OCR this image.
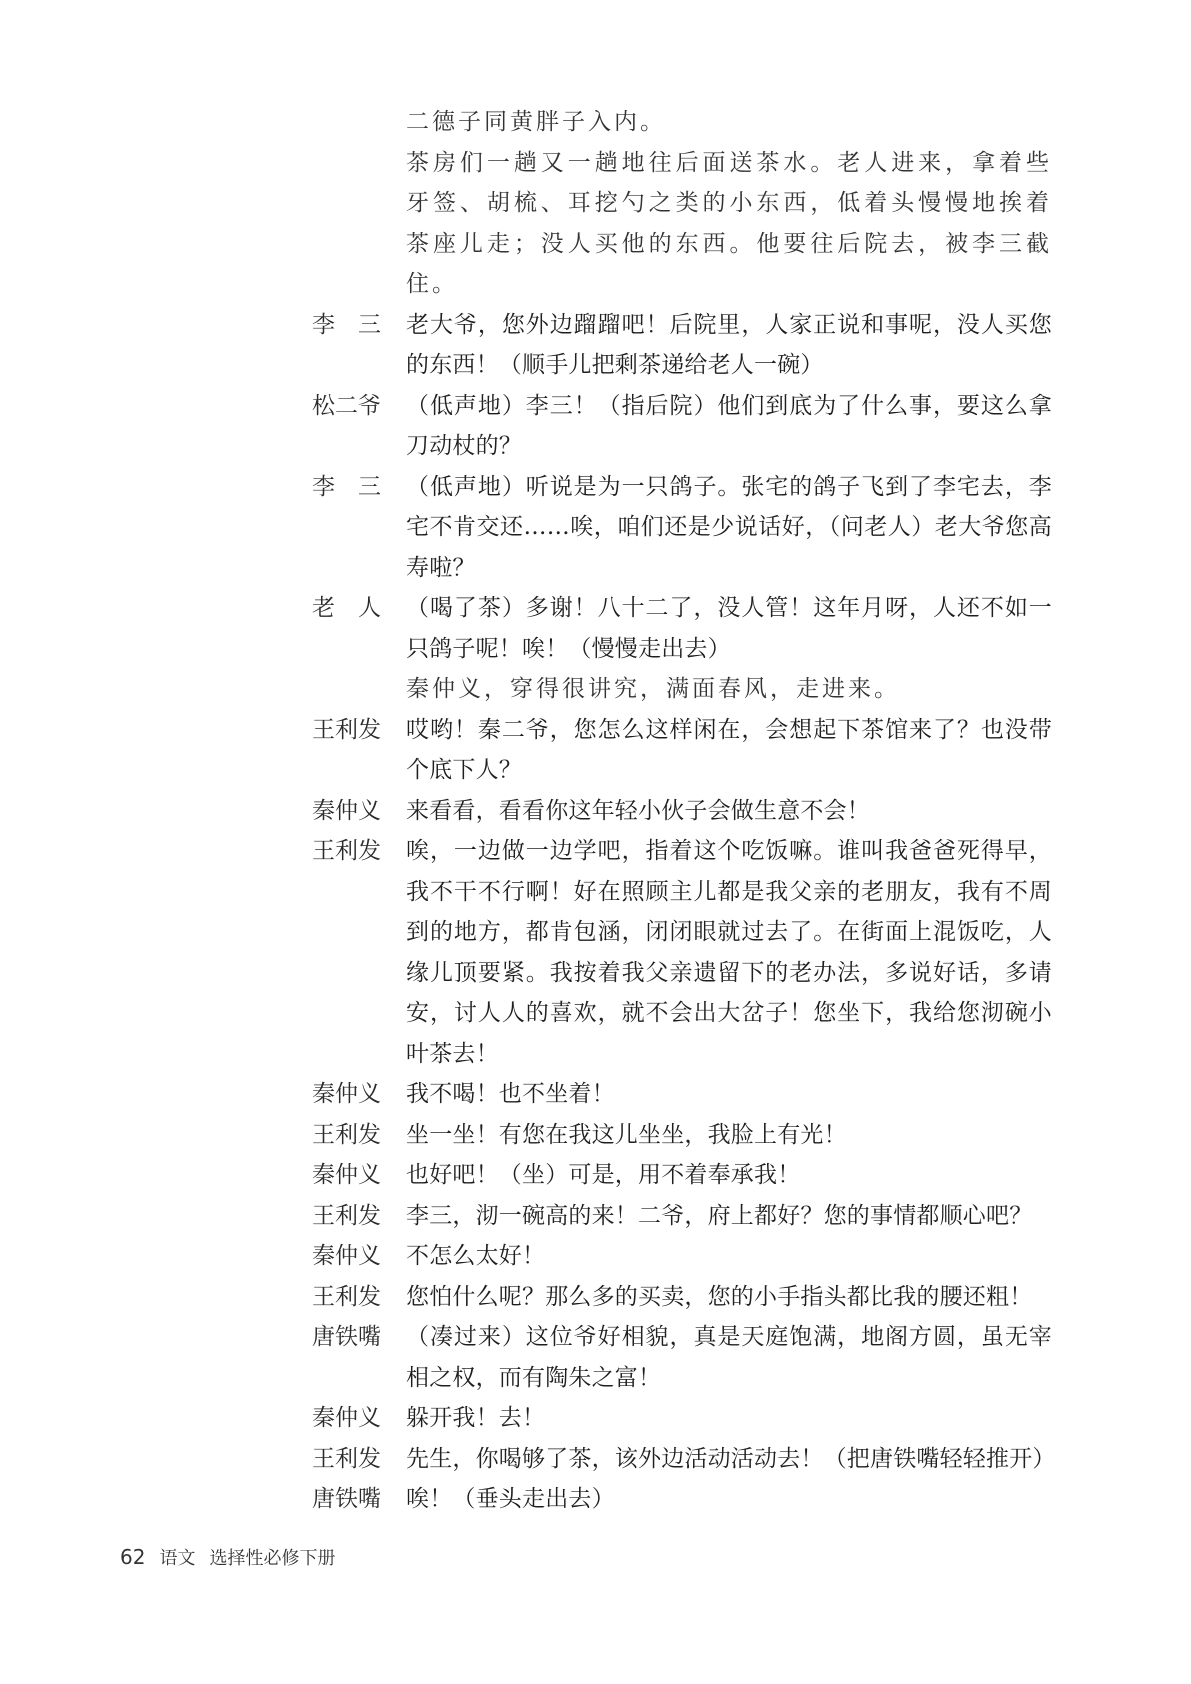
二德子同黄胖子入内。
茶房们一趟又一趟地往后面送茶水。老人进来，拿着些牙签、胡梳、耳挖勺之类的小东西，低着头慢慢地挨着茶座儿走；没人买他的东西。他要往后院去，被李三截住。
李　三	老大爷，您外边蹓蹓吧！后院里，人家正说和事呢，没人买您的东西！（顺手儿把剩茶递给老人一碗）
松二爷	（低声地）李三！（指后院）他们到底为了什么事，要这么拿刀动杖的？
李　三	（低声地）听说是为一只鸽子。张宅的鸽子飞到了李宅去，李宅不肯交还……唉，咱们还是少说话好，（问老人）老大爷您高寿啦？
老　人	（喝了茶）多谢！八十二了，没人管！这年月呀，人还不如一只鸽子呢！唉！（慢慢走出去）
秦仲义，穿得很讲究，满面春风，走进来。
王利发	哎哟！秦二爷，您怎么这样闲在，会想起下茶馆来了？也没带个底下人？
秦仲义	来看看，看看你这年轻小伙子会做生意不会！
王利发	唉，一边做一边学吧，指着这个吃饭嘛。谁叫我爸爸死得早，我不干不行啊！好在照顾主儿都是我父亲的老朋友，我有不周到的地方，都肯包涵，闭闭眼就过去了。在街面上混饭吃，人缘儿顶要紧。我按着我父亲遗留下的老办法，多说好话，多请安，讨人人的喜欢，就不会出大岔子！您坐下，我给您沏碗小叶茶去！
秦仲义	我不喝！也不坐着！
王利发	坐一坐！有您在我这儿坐坐，我脸上有光！
秦仲义	也好吧！（坐）可是，用不着奉承我！
王利发	李三，沏一碗高的来！二爷，府上都好？您的事情都顺心吧？
秦仲义	不怎么太好！
王利发	您怕什么呢？那么多的买卖，您的小手指头都比我的腰还粗！
唐铁嘴	（凑过来）这位爷好相貌，真是天庭饱满，地阁方圆，虽无宰相之权，而有陶朱之富！
秦仲义	躲开我！去！
王利发	先生，你喝够了茶，该外边活动活动去！（把唐铁嘴轻轻推开）
唐铁嘴	唉！（垂头走出去）
62 语文 选择性必修下册
